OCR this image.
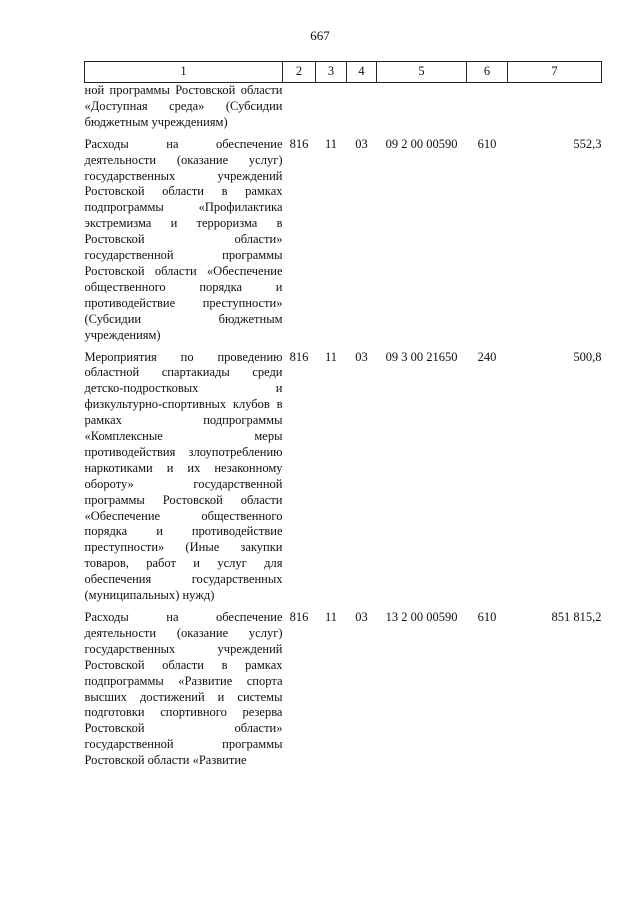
667
1	2	3	4	5	6	7
ной программы Ростовской области «Доступная среда» (Субсидии бюджетным учреждениям)						
Расходы на обеспечение деятельности (оказание услуг) государственных учреждений Ростовской области в рамках подпрограммы «Профилактика экстремизма и терроризма в Ростовской области» государственной программы Ростовской области «Обеспечение общественного порядка и противодействие преступности» (Субсидии бюджетным учреждениям)	816	11	03	09 2 00 00590	610	552,3
Мероприятия по проведению областной спартакиады среди детско-подростковых и физкультурно-спортивных клубов в рамках подпрограммы «Комплексные меры противодействия злоупотреблению наркотиками и их незаконному обороту» государственной программы Ростовской области «Обеспечение общественного порядка и противодействие преступности» (Иные закупки товаров, работ и услуг для обеспечения государственных (муниципальных) нужд)	816	11	03	09 3 00 21650	240	500,8
Расходы на обеспечение деятельности (оказание услуг) государственных учреждений Ростовской области в рамках подпрограммы «Развитие спорта высших достижений и системы подготовки спортивного резерва Ростовской области» государственной программы Ростовской области «Развитие	816	11	03	13 2 00 00590	610	851 815,2
